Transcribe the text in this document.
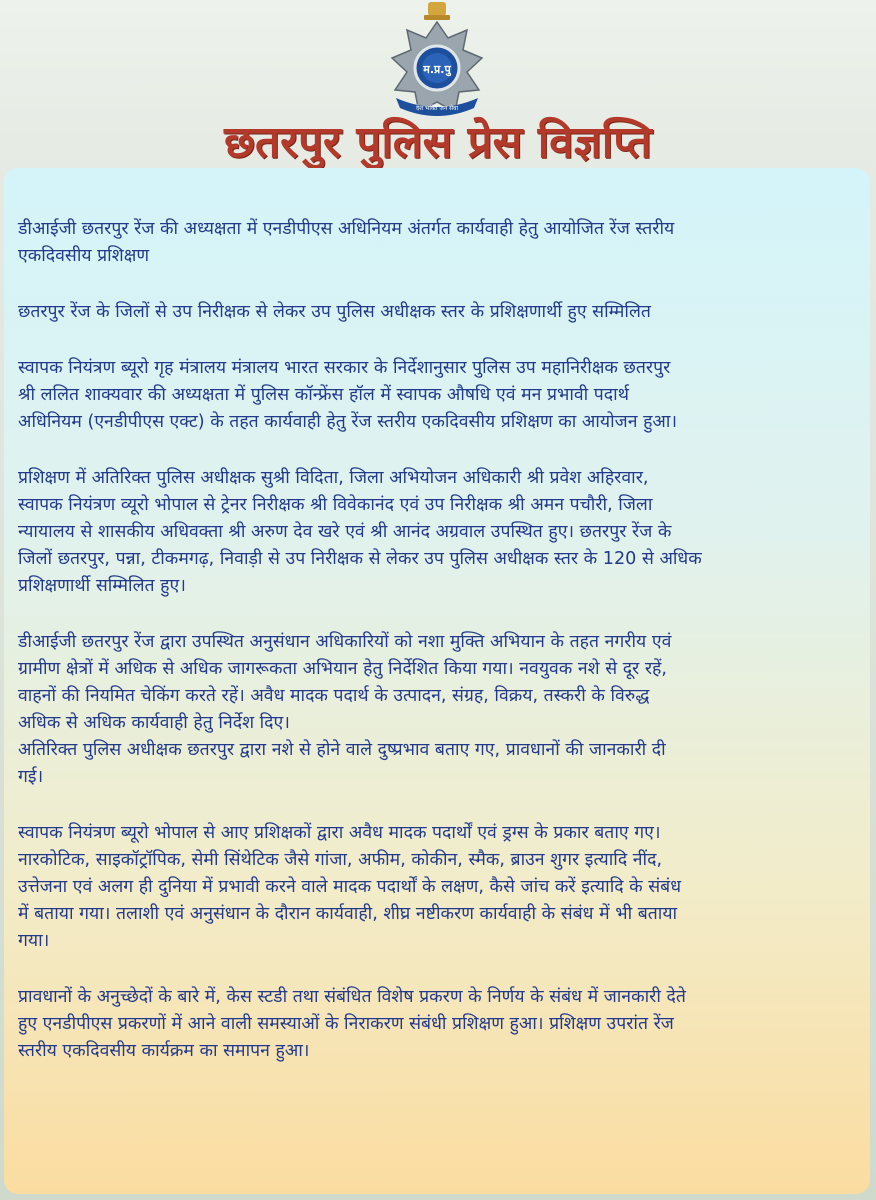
म.प्र.पु
देश भक्ति जन सेवा
छतरपुर पुलिस प्रेस विज्ञप्ति

डीआईजी छतरपुर रेंज की अध्यक्षता में एनडीपीएस अधिनियम अंतर्गत कार्यवाही हेतु आयोजित रेंज स्तरीय
एकदिवसीय प्रशिक्षण

छतरपुर रेंज के जिलों से उप निरीक्षक से लेकर उप पुलिस अधीक्षक स्तर के प्रशिक्षणार्थी हुए सम्मिलित

स्वापक नियंत्रण ब्यूरो गृह मंत्रालय मंत्रालय भारत सरकार के निर्देशानुसार पुलिस उप महानिरीक्षक छतरपुर
श्री ललित शाक्यवार की अध्यक्षता में पुलिस कॉन्फ्रेंस हॉल में स्वापक औषधि एवं मन प्रभावी पदार्थ
अधिनियम (एनडीपीएस एक्ट) के तहत कार्यवाही हेतु रेंज स्तरीय एकदिवसीय प्रशिक्षण का आयोजन हुआ।

प्रशिक्षण में अतिरिक्त पुलिस अधीक्षक सुश्री विदिता, जिला अभियोजन अधिकारी श्री प्रवेश अहिरवार,
स्वापक नियंत्रण व्यूरो भोपाल से ट्रेनर निरीक्षक श्री विवेकानंद एवं उप निरीक्षक श्री अमन पचौरी, जिला
न्यायालय से शासकीय अधिवक्ता श्री अरुण देव खरे एवं श्री आनंद अग्रवाल उपस्थित हुए। छतरपुर रेंज के
जिलों छतरपुर, पन्ना, टीकमगढ़, निवाड़ी से उप निरीक्षक से लेकर उप पुलिस अधीक्षक स्तर के 120 से अधिक
प्रशिक्षणार्थी सम्मिलित हुए।

डीआईजी छतरपुर रेंज द्वारा उपस्थित अनुसंधान अधिकारियों को नशा मुक्ति अभियान के तहत नगरीय एवं
ग्रामीण क्षेत्रों में अधिक से अधिक जागरूकता अभियान हेतु निर्देशित किया गया। नवयुवक नशे से दूर रहें,
वाहनों की नियमित चेकिंग करते रहें। अवैध मादक पदार्थ के उत्पादन, संग्रह, विक्रय, तस्करी के विरुद्ध
अधिक से अधिक कार्यवाही हेतु निर्देश दिए।
अतिरिक्त पुलिस अधीक्षक छतरपुर द्वारा नशे से होने वाले दुष्प्रभाव बताए गए, प्रावधानों की जानकारी दी
गई।

स्वापक नियंत्रण ब्यूरो भोपाल से आए प्रशिक्षकों द्वारा अवैध मादक पदार्थों एवं ड्रग्स के प्रकार बताए गए।
नारकोटिक, साइकॉट्रॉपिक, सेमी सिंथेटिक जैसे गांजा, अफीम, कोकीन, स्मैक, ब्राउन शुगर इत्यादि नींद,
उत्तेजना एवं अलग ही दुनिया में प्रभावी करने वाले मादक पदार्थों के लक्षण, कैसे जांच करें इत्यादि के संबंध
में बताया गया। तलाशी एवं अनुसंधान के दौरान कार्यवाही, शीघ्र नष्टीकरण कार्यवाही के संबंध में भी बताया
गया।

प्रावधानों के अनुच्छेदों के बारे में, केस स्टडी तथा संबंधित विशेष प्रकरण के निर्णय के संबंध में जानकारी देते
हुए एनडीपीएस प्रकरणों में आने वाली समस्याओं के निराकरण संबंधी प्रशिक्षण हुआ। प्रशिक्षण उपरांत रेंज
स्तरीय एकदिवसीय कार्यक्रम का समापन हुआ।
